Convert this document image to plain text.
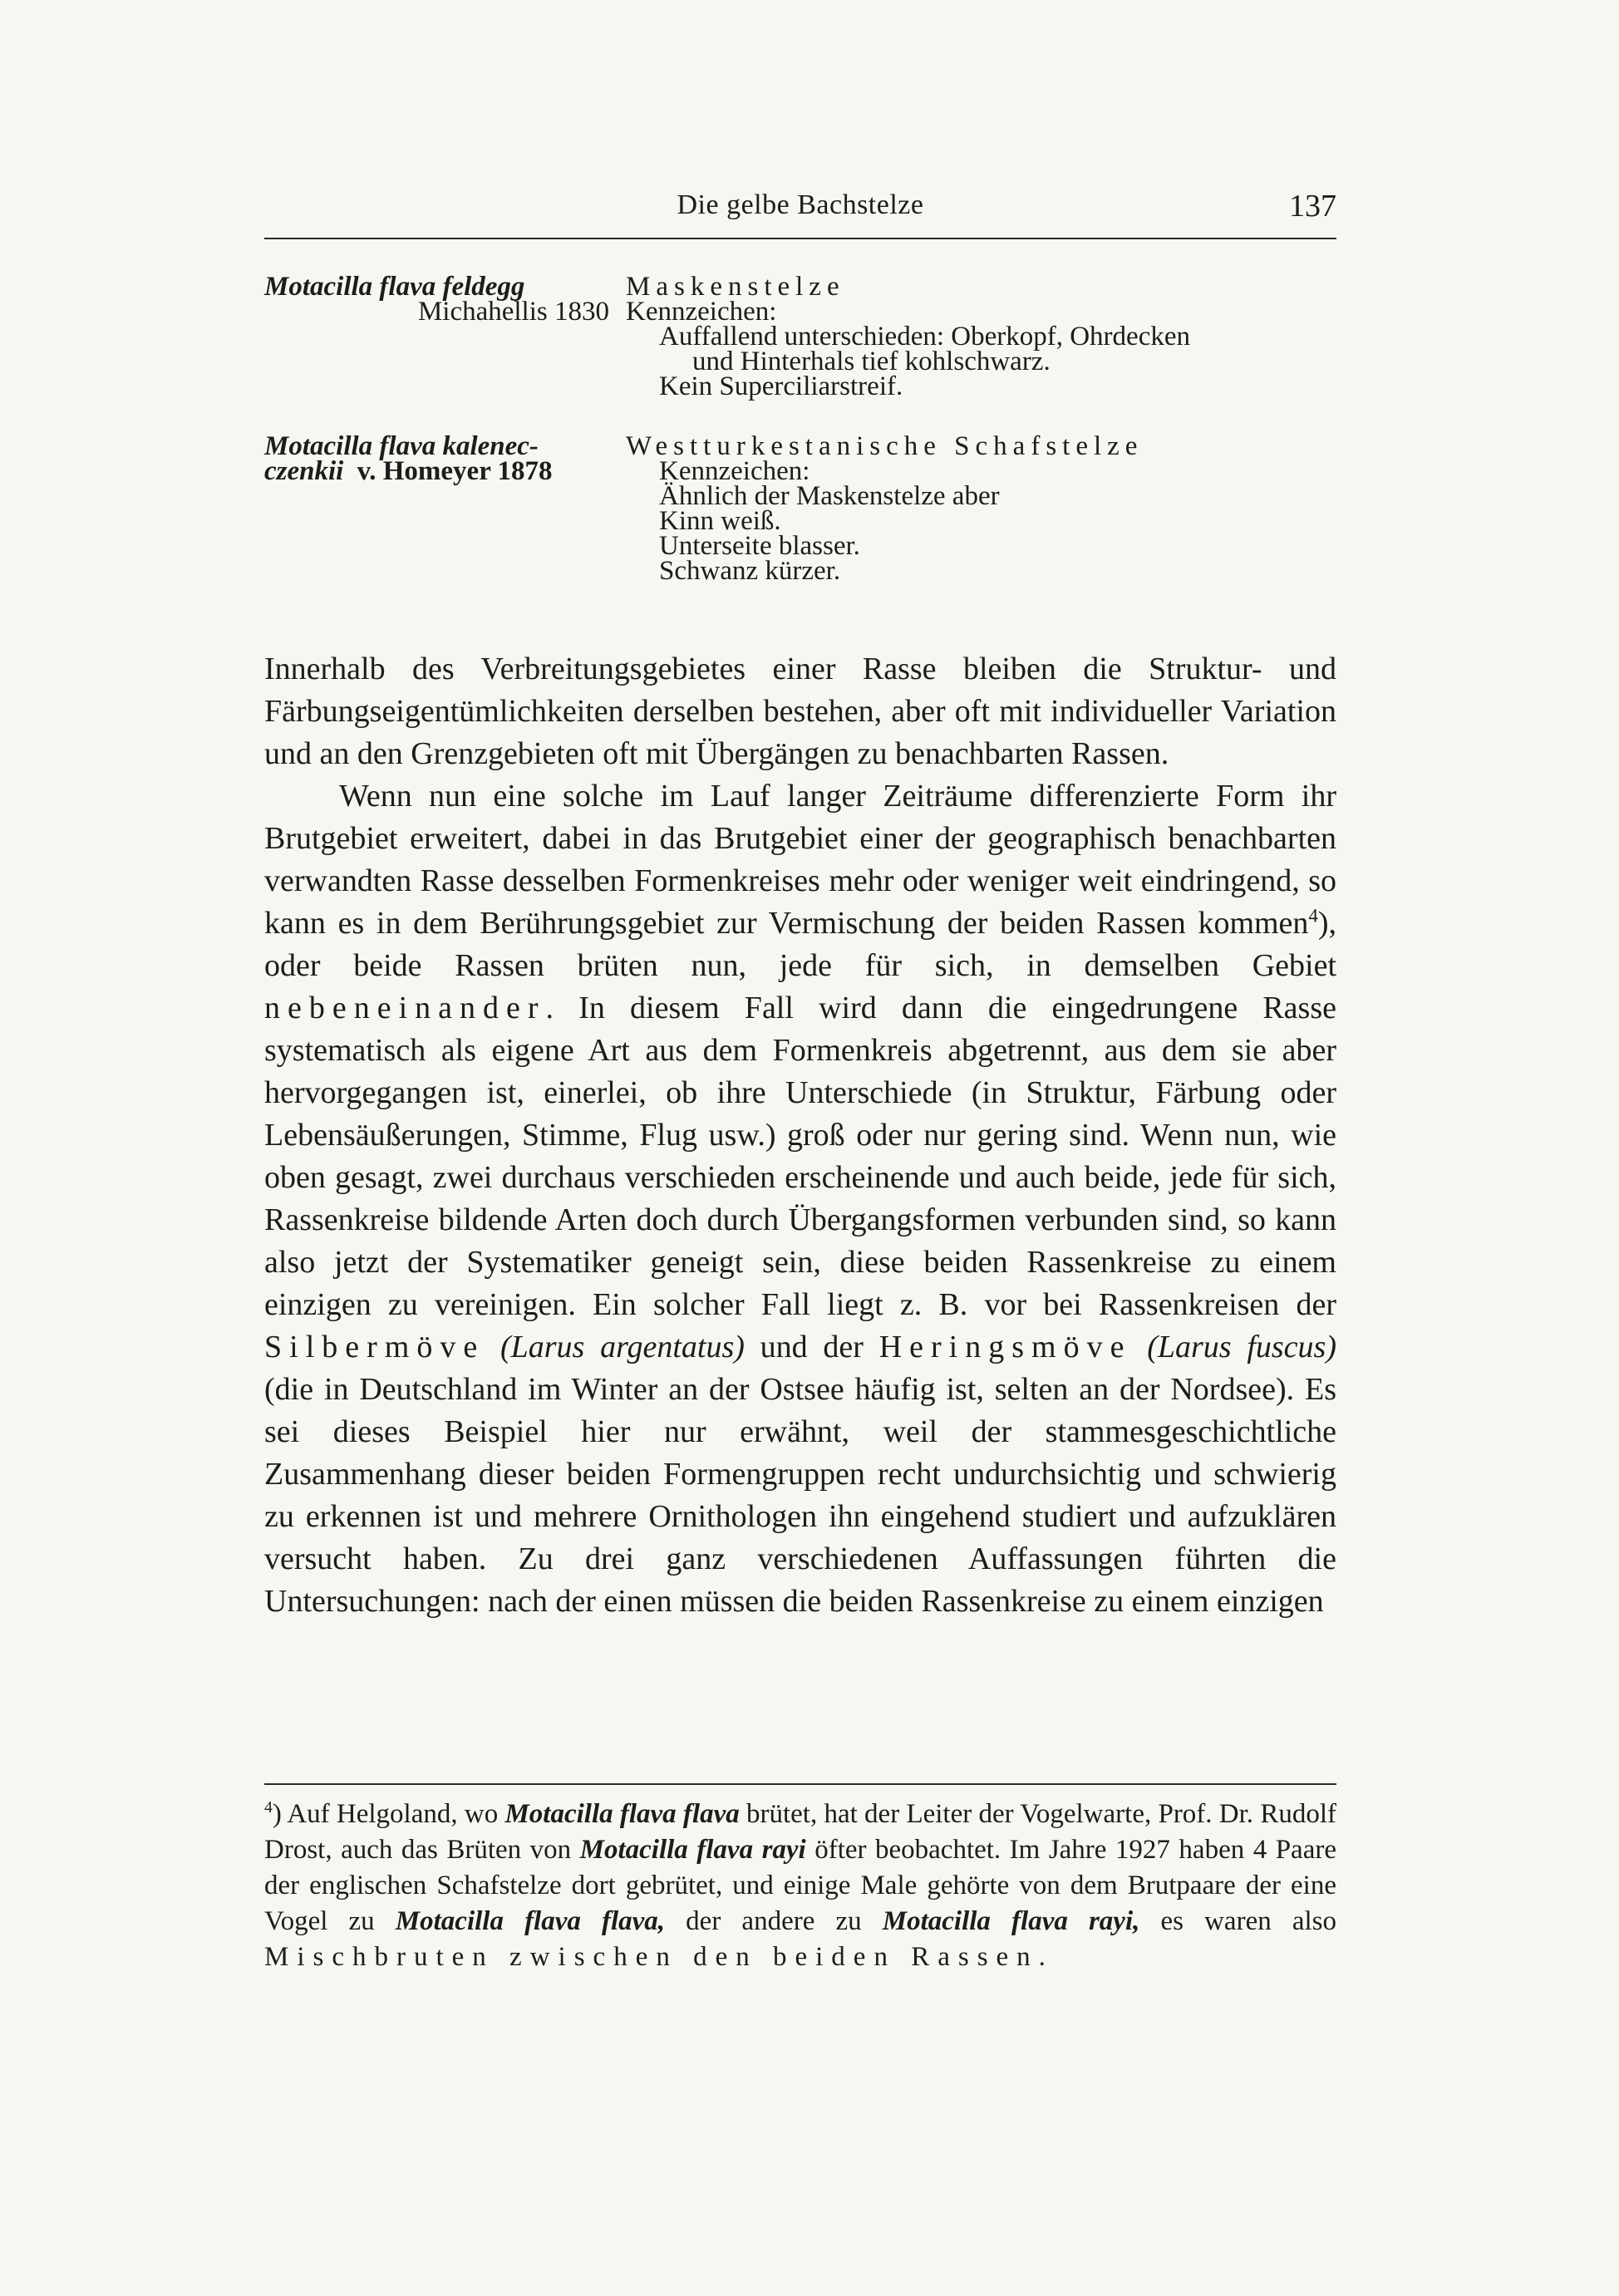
Die gelbe Bachstelze	137
Motacilla flava feldegg
Michahellis 1830
Maskenstelze
Kennzeichen:
Auffallend unterschieden: Oberkopf, Ohrdecken
und Hinterhals tief kohlschwarz.
Kein Superciliarstreif.
Motacilla flava kalenec-
czenkii v. Homeyer 1878
Westturkestanische Schafstelze
Kennzeichen:
Ähnlich der Maskenstelze aber
Kinn weiß.
Unterseite blasser.
Schwanz kürzer.

Innerhalb des Verbreitungsgebietes einer Rasse bleiben die Struktur- und Färbungseigentümlichkeiten derselben bestehen, aber oft mit individueller Variation und an den Grenzgebieten oft mit Übergängen zu benachbarten Rassen.

Wenn nun eine solche im Lauf langer Zeiträume differenzierte Form ihr Brutgebiet erweitert, dabei in das Brutgebiet einer der geographisch benachbarten verwandten Rasse desselben Formenkreises mehr oder weniger weit eindringend, so kann es in dem Berührungsgebiet zur Vermischung der beiden Rassen kommen$^4$), oder beide Rassen brüten nun, jede für sich, in demselben Gebiet nebeneinander. In diesem Fall wird dann die eingedrungene Rasse systematisch als eigene Art aus dem Formenkreis abgetrennt, aus dem sie aber hervorgegangen ist, einerlei, ob ihre Unterschiede (in Struktur, Färbung oder Lebensäußerungen, Stimme, Flug usw.) groß oder nur gering sind. Wenn nun, wie oben gesagt, zwei durchaus verschieden erscheinende und auch beide, jede für sich, Rassenkreise bildende Arten doch durch Übergangsformen verbunden sind, so kann also jetzt der Systematiker geneigt sein, diese beiden Rassenkreise zu einem einzigen zu vereinigen. Ein solcher Fall liegt z. B. vor bei Rassenkreisen der Silbermöve (Larus argentatus) und der Heringsmöve (Larus fuscus) (die in Deutschland im Winter an der Ostsee häufig ist, selten an der Nordsee). Es sei dieses Beispiel hier nur erwähnt, weil der stammesgeschichtliche Zusammenhang dieser beiden Formengruppen recht undurchsichtig und schwierig zu erkennen ist und mehrere Ornithologen ihn eingehend studiert und aufzuklären versucht haben. Zu drei ganz verschiedenen Auffassungen führten die Untersuchungen: nach der einen müssen die beiden Rassenkreise zu einem einzigen

$^4$) Auf Helgoland, wo Motacilla flava flava brütet, hat der Leiter der Vogelwarte, Prof. Dr. Rudolf Drost, auch das Brüten von Motacilla flava rayi öfter beobachtet. Im Jahre 1927 haben 4 Paare der englischen Schafstelze dort gebrütet, und einige Male gehörte von dem Brutpaare der eine Vogel zu Motacilla flava flava, der andere zu Motacilla flava rayi, es waren also Mischbruten zwischen den beiden Rassen.
